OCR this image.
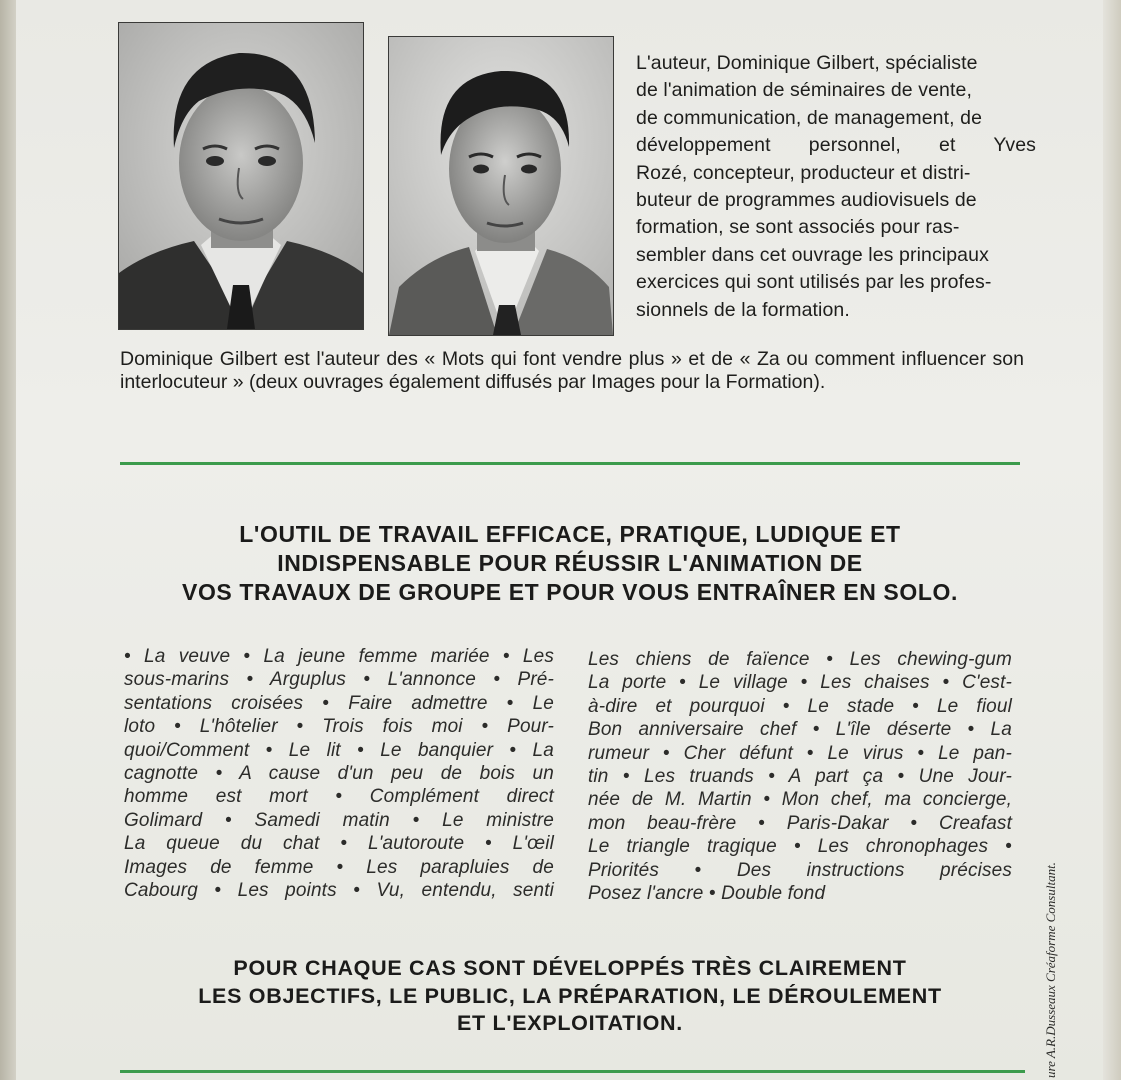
L'auteur, Dominique Gilbert, spécialiste
de l'animation de séminaires de vente,
de communication, de management, de
développement personnel, et Yves
Rozé, concepteur, producteur et distri-
buteur de programmes audiovisuels de
formation, se sont associés pour ras-
sembler dans cet ouvrage les principaux
exercices qui sont utilisés par les profes-
sionnels de la formation.
Dominique Gilbert est l'auteur des « Mots qui font vendre plus » et de « Za ou comment influencer son interlocuteur » (deux ouvrages également diffusés par Images pour la Formation).
L'OUTIL DE TRAVAIL EFFICACE, PRATIQUE, LUDIQUE ET
INDISPENSABLE POUR RÉUSSIR L'ANIMATION DE
VOS TRAVAUX DE GROUPE ET POUR VOUS ENTRAÎNER EN SOLO.
• La veuve • La jeune femme mariée • Les
sous-marins • Arguplus • L'annonce • Pré-
sentations croisées • Faire admettre • Le
loto • L'hôtelier • Trois fois moi • Pour-
quoi/Comment • Le lit • Le banquier • La
cagnotte • A cause d'un peu de bois un
homme est mort • Complément direct
Golimard • Samedi matin • Le ministre
La queue du chat • L'autoroute • L'œil
Images de femme • Les parapluies de
Cabourg • Les points • Vu, entendu, senti
Les chiens de faïence • Les chewing-gum
La porte • Le village • Les chaises • C'est-
à-dire et pourquoi • Le stade • Le fioul
Bon anniversaire chef • L'île déserte • La
rumeur • Cher défunt • Le virus • Le pan-
tin • Les truands • A part ça • Une Jour-
née de M. Martin • Mon chef, ma concierge,
mon beau-frère • Paris-Dakar • Creafast
Le triangle tragique • Les chronophages •
Priorités • Des instructions précises
Posez l'ancre • Double fond
POUR CHAQUE CAS SONT DÉVELOPPÉS TRÈS CLAIREMENT
LES OBJECTIFS, LE PUBLIC, LA PRÉPARATION, LE DÉROULEMENT
ET L'EXPLOITATION.	ure A.R.Dusseaux Créaforme Consultant.
